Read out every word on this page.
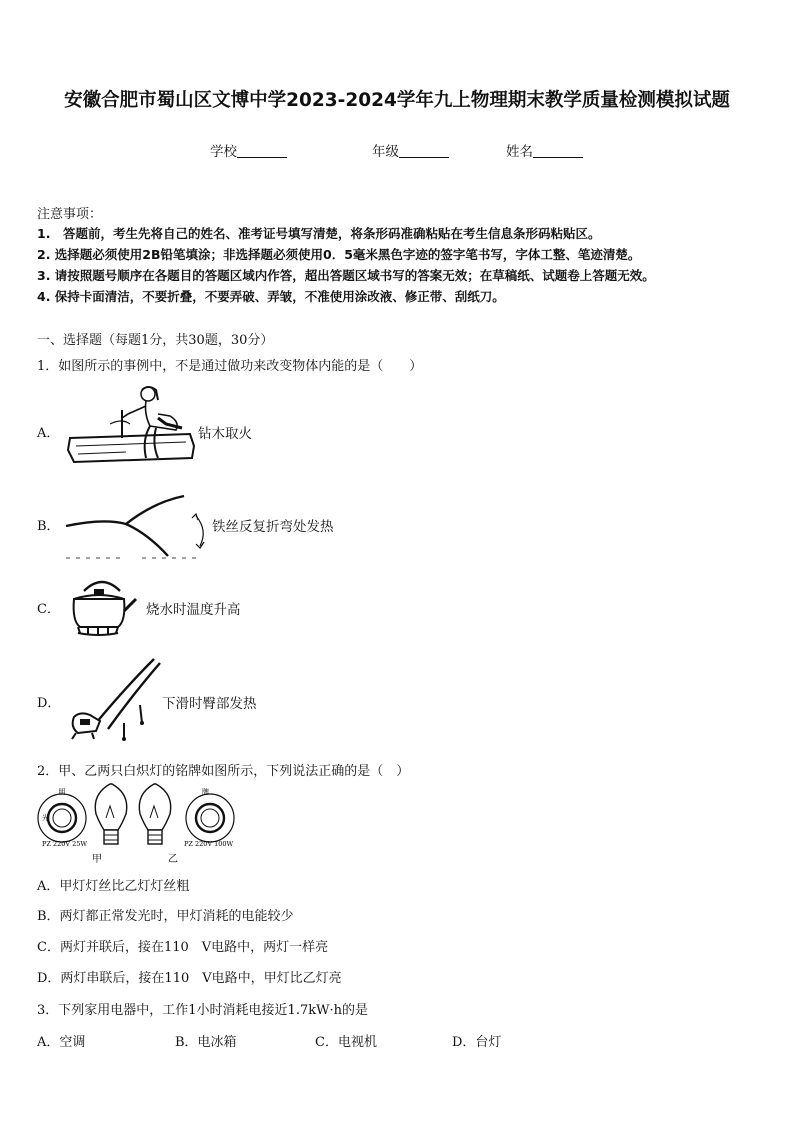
安徽合肥市蜀山区文博中学2023-2024学年九上物理期末教学质量检测模拟试题
学校	年级	姓名
注意事项：
1.　答题前，考生先将自己的姓名、准考证号填写清楚，将条形码准确粘贴在考生信息条形码粘贴区。
2. 选择题必须使用2B铅笔填涂；非选择题必须使用0．5毫米黑色字迹的签字笔书写，字体工整、笔迹清楚。
3. 请按照题号顺序在各题目的答题区域内作答，超出答题区域书写的答案无效；在草稿纸、试题卷上答题无效。
4. 保持卡面清洁，不要折叠，不要弄破、弄皱，不准使用涂改液、修正带、刮纸刀。
一、选择题（每题1分，共30题，30分）
1．如图所示的事例中，不是通过做功来改变物体内能的是（　　）
A．	钻木取火
B．	铁丝反复折弯处发热
C．	烧水时温度升高
D．	下滑时臀部发热
2．甲、乙两只白炽灯的铭牌如图所示，下列说法正确的是（　）
明
光
PZ 220V 25W
牌
PZ 220V 100W
甲	乙
A．甲灯灯丝比乙灯灯丝粗
B．两灯都正常发光时，甲灯消耗的电能较少
C．两灯并联后，接在110　V电路中，两灯一样亮
D．两灯串联后，接在110　V电路中，甲灯比乙灯亮
3．下列家用电器中，工作1小时消耗电接近1.7kW·h的是
A．空调	B．电冰箱	C．电视机	D．台灯
